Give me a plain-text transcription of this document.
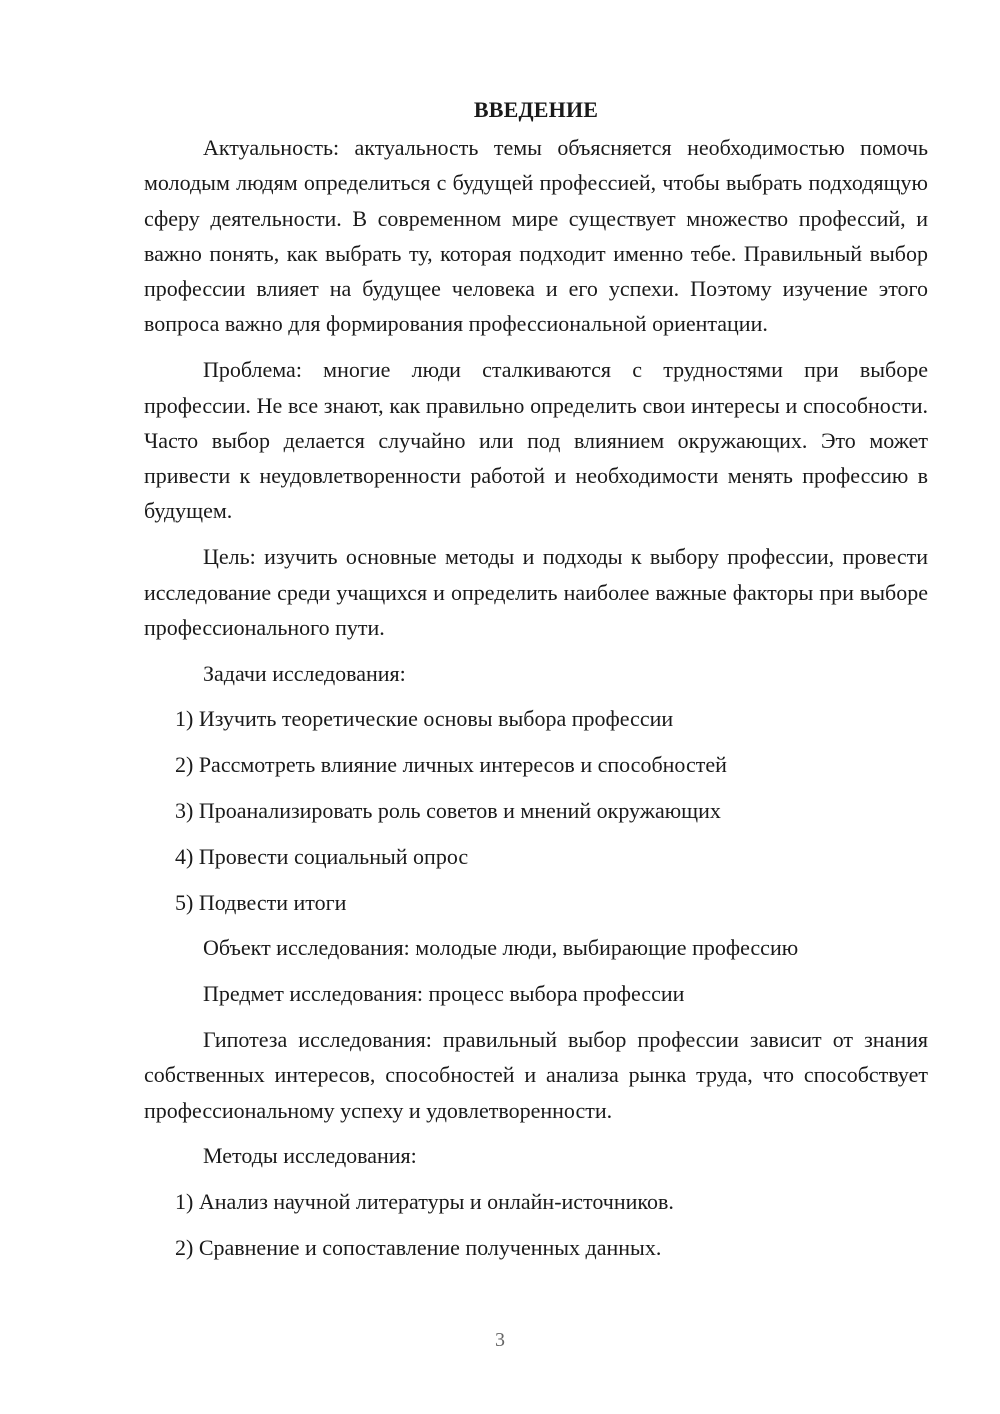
ВВЕДЕНИЕ

Актуальность: актуальность темы объясняется необходимостью помочь молодым людям определиться с будущей профессией, чтобы выбрать подходящую сферу деятельности. В современном мире существует множество профессий, и важно понять, как выбрать ту, которая подходит именно тебе. Правильный выбор профессии влияет на будущее человека и его успехи. Поэтому изучение этого вопроса важно для формирования профессиональной ориентации.

Проблема: многие люди сталкиваются с трудностями при выборе профессии. Не все знают, как правильно определить свои интересы и способности. Часто выбор делается случайно или под влиянием окружающих. Это может привести к неудовлетворенности работой и необходимости менять профессию в будущем.

Цель: изучить основные методы и подходы к выбору профессии, провести исследование среди учащихся и определить наиболее важные факторы при выборе профессионального пути.

Задачи исследования:
1) Изучить теоретические основы выбора профессии
2) Рассмотреть влияние личных интересов и способностей
3) Проанализировать роль советов и мнений окружающих
4) Провести социальный опрос
5) Подвести итоги
Объект исследования: молодые люди, выбирающие профессию
Предмет исследования: процесс выбора профессии

Гипотеза исследования: правильный выбор профессии зависит от знания собственных интересов, способностей и анализа рынка труда, что способствует профессиональному успеху и удовлетворенности.

Методы исследования:
1) Анализ научной литературы и онлайн-источников.
2) Сравнение и сопоставление полученных данных.
3
